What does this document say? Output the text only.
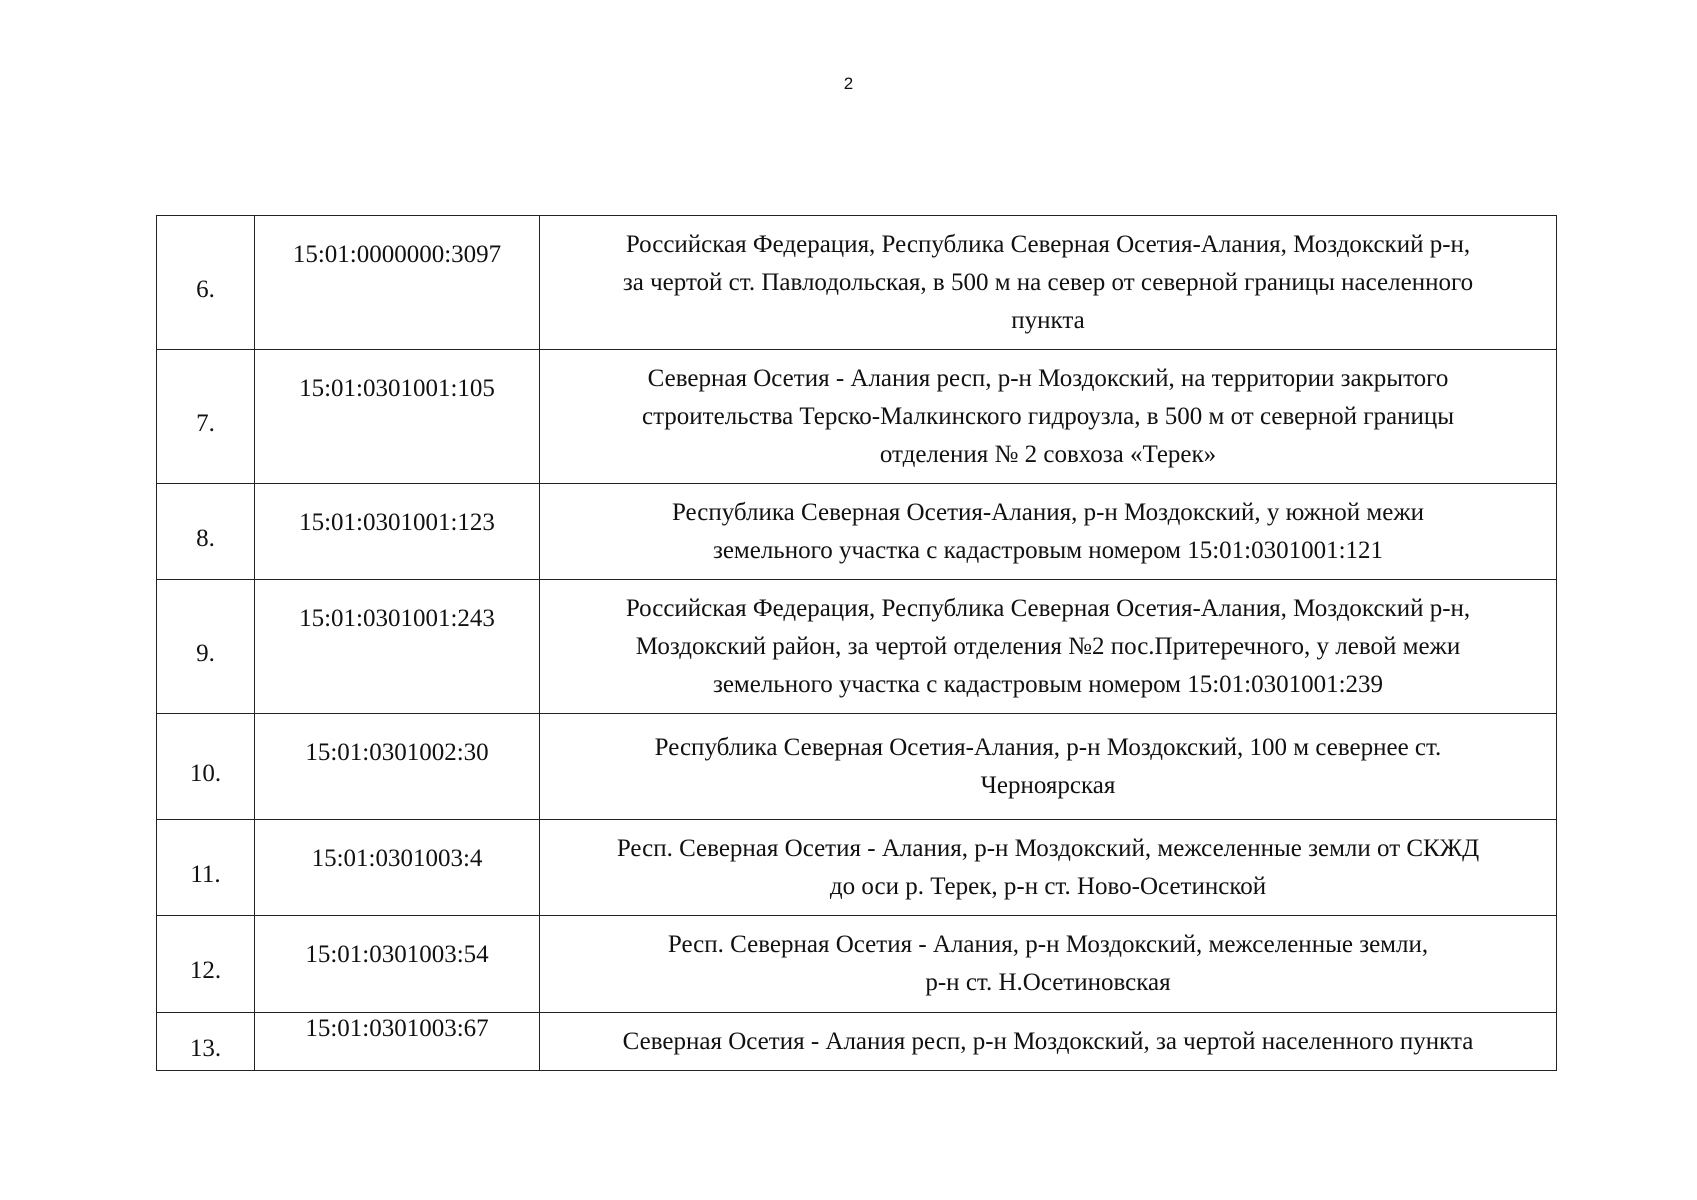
2
6.	15:01:0000000:3097	Российская Федерация, Республика Северная Осетия-Алания, Моздокский р-н,
за чертой ст. Павлодольская, в 500 м на север от северной границы населенного
пункта

7.	15:01:0301001:105	Северная Осетия - Алания респ, р-н Моздокский, на территории закрытого
строительства Терско-Малкинского гидроузла, в 500 м от северной границы
отделения № 2 совхоза «Терек»

8.	15:01:0301001:123	Республика Северная Осетия-Алания, р-н Моздокский, у южной межи
земельного участка с кадастровым номером 15:01:0301001:121

9.	15:01:0301001:243	Российская Федерация, Республика Северная Осетия-Алания, Моздокский р-н,
Моздокский район, за чертой отделения №2 пос.Притеречного, у левой межи
земельного участка с кадастровым номером 15:01:0301001:239

10.	15:01:0301002:30	Республика Северная Осетия-Алания, р-н Моздокский, 100 м севернее ст.
Черноярская

11.	15:01:0301003:4	Респ. Северная Осетия - Алания, р-н Моздокский, межселенные земли от СКЖД
до оси р. Терек, р-н ст. Ново-Осетинской

12.	15:01:0301003:54	Респ. Северная Осетия - Алания, р-н Моздокский, межселенные земли,
р-н ст. Н.Осетиновская

13.	15:01:0301003:67	Северная Осетия - Алания респ, р-н Моздокский, за чертой населенного пункта
